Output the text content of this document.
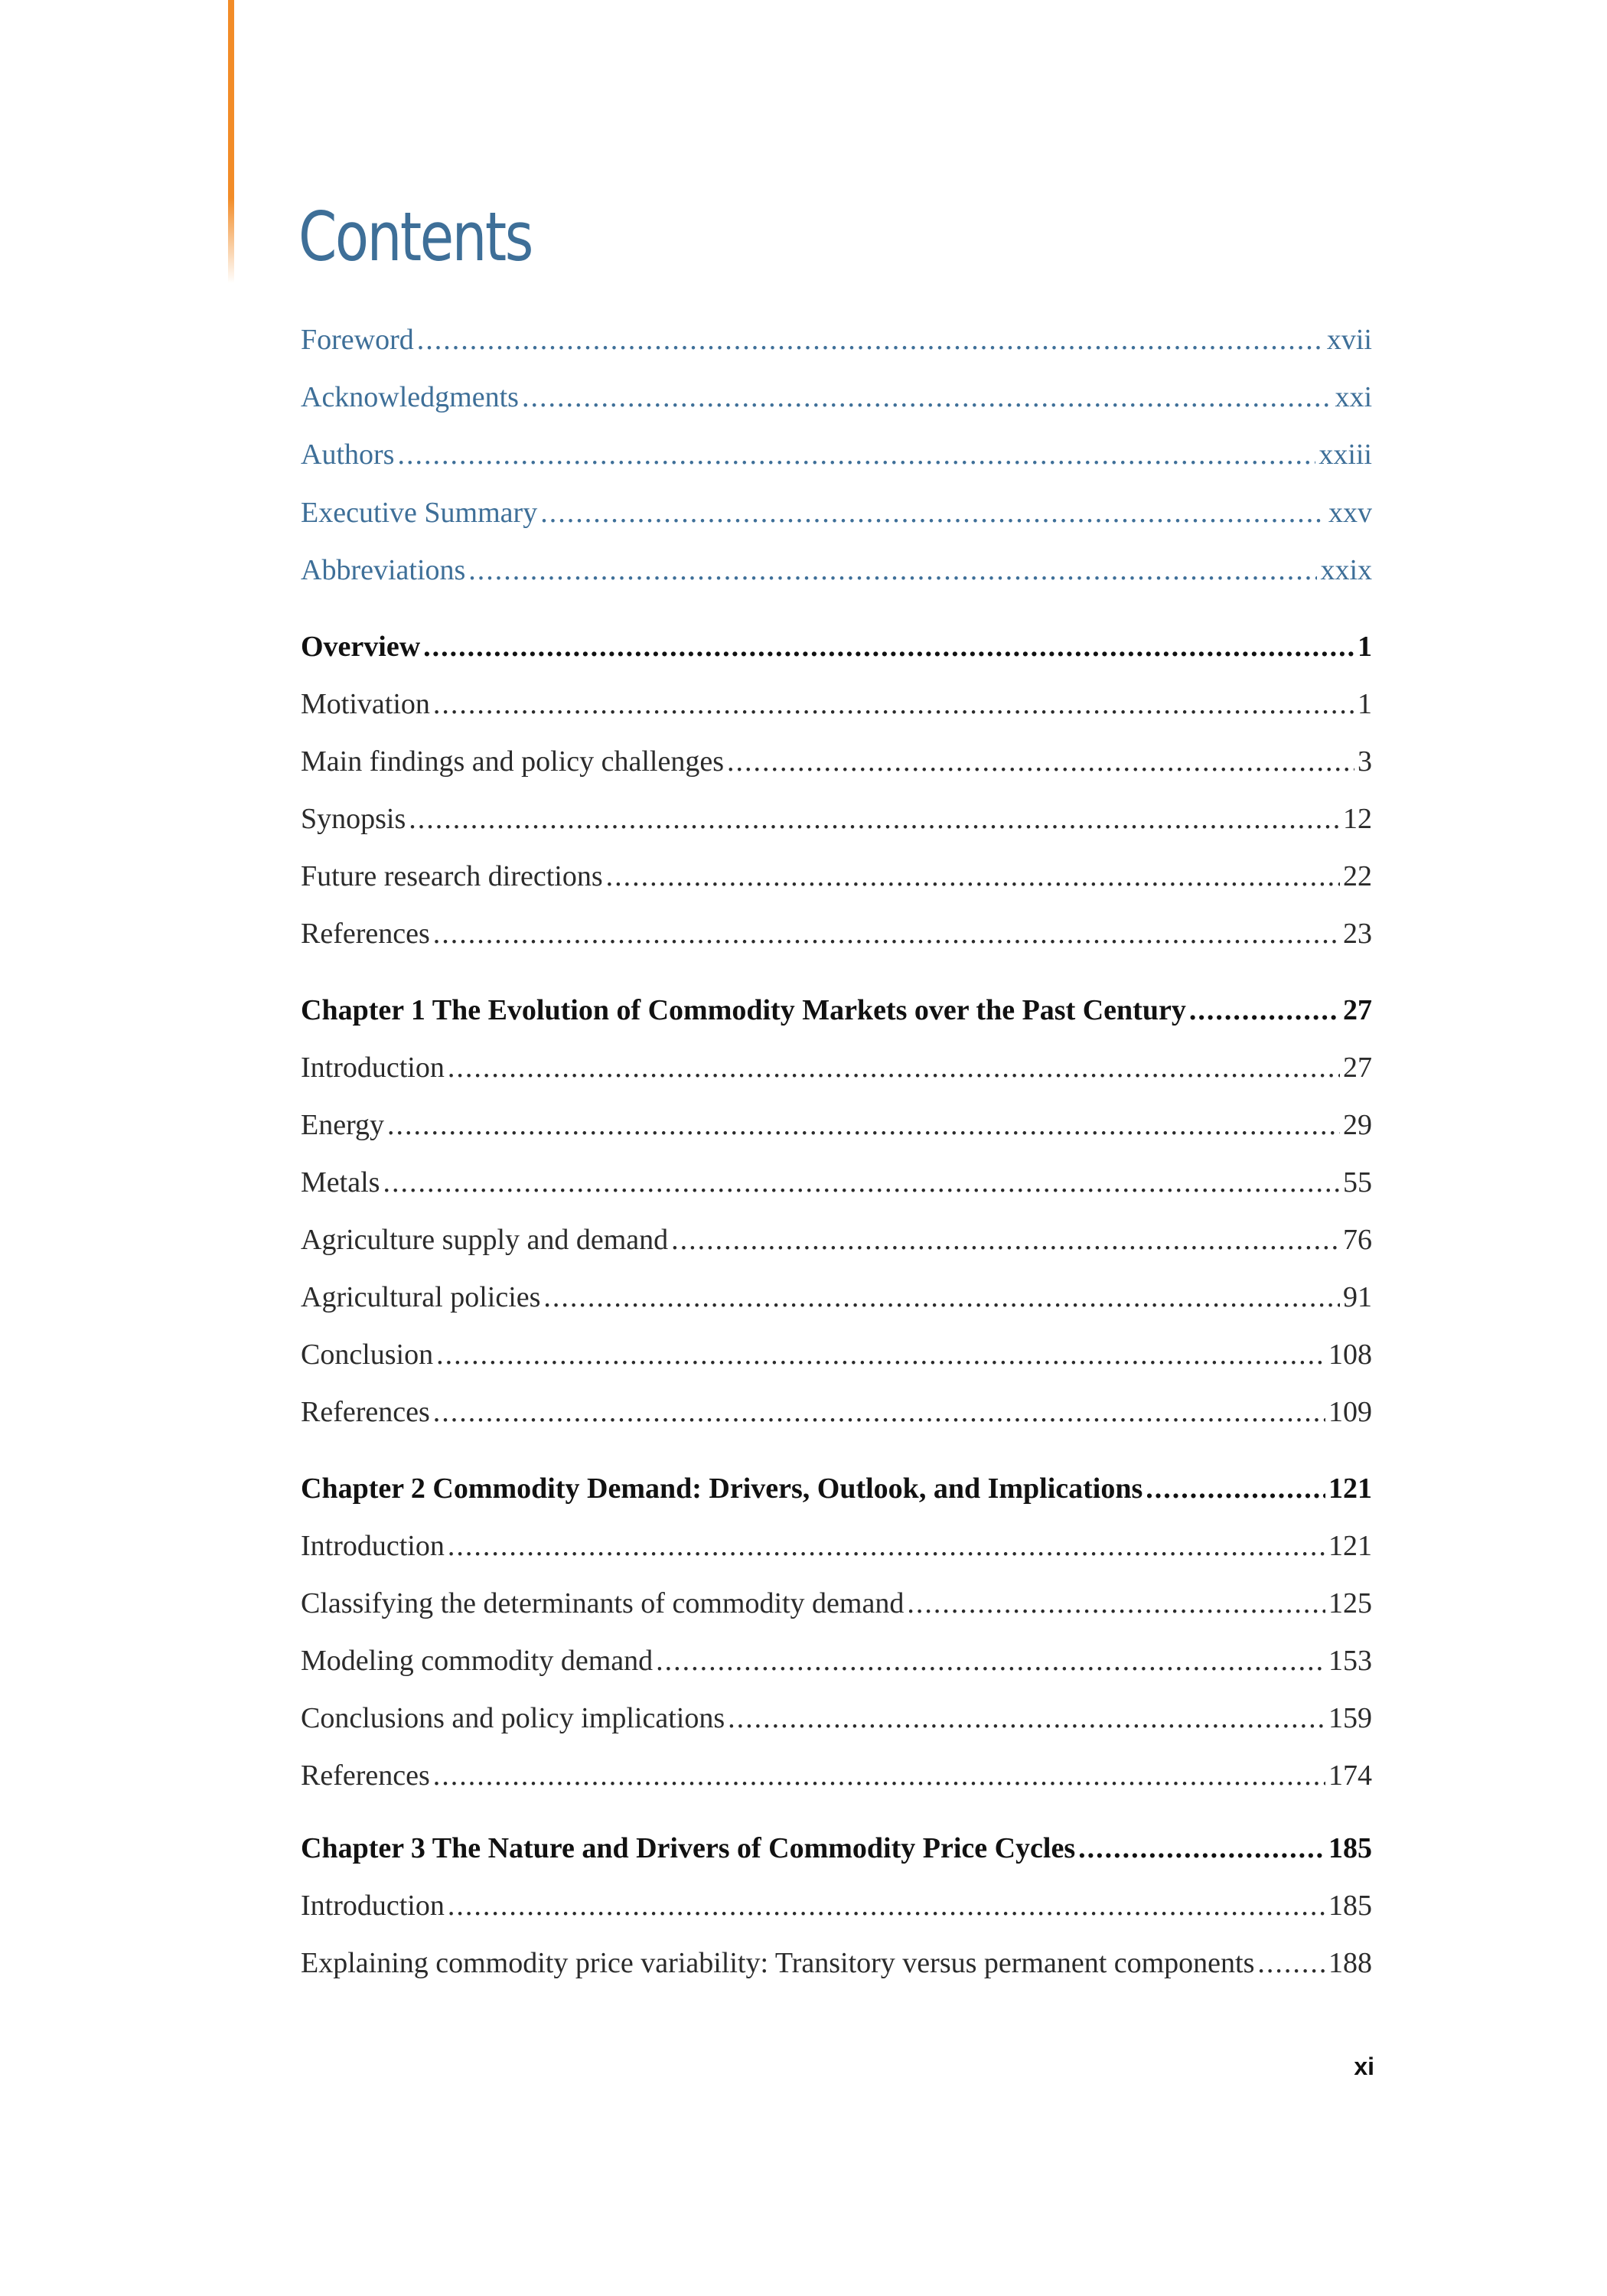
Contents
Foreword .....	xvii
Acknowledgments .....	xxi
Authors .....	xxiii
Executive Summary .....	xxv
Abbreviations .....	xxix
Overview .....	1
Motivation .....	1
Main findings and policy challenges .....	3
Synopsis .....	12
Future research directions .....	22
References .....	23
Chapter 1 The Evolution of Commodity Markets over the Past Century .....	27
Introduction .....	27
Energy .....	29
Metals .....	55
Agriculture supply and demand .....	76
Agricultural policies .....	91
Conclusion .....	108
References .....	109
Chapter 2 Commodity Demand: Drivers, Outlook, and Implications .....	121
Introduction .....	121
Classifying the determinants of commodity demand .....	125
Modeling commodity demand .....	153
Conclusions and policy implications .....	159
References .....	174
Chapter 3 The Nature and Drivers of Commodity Price Cycles .....	185
Introduction .....	185
Explaining commodity price variability: Transitory versus permanent components .....	188
xi
